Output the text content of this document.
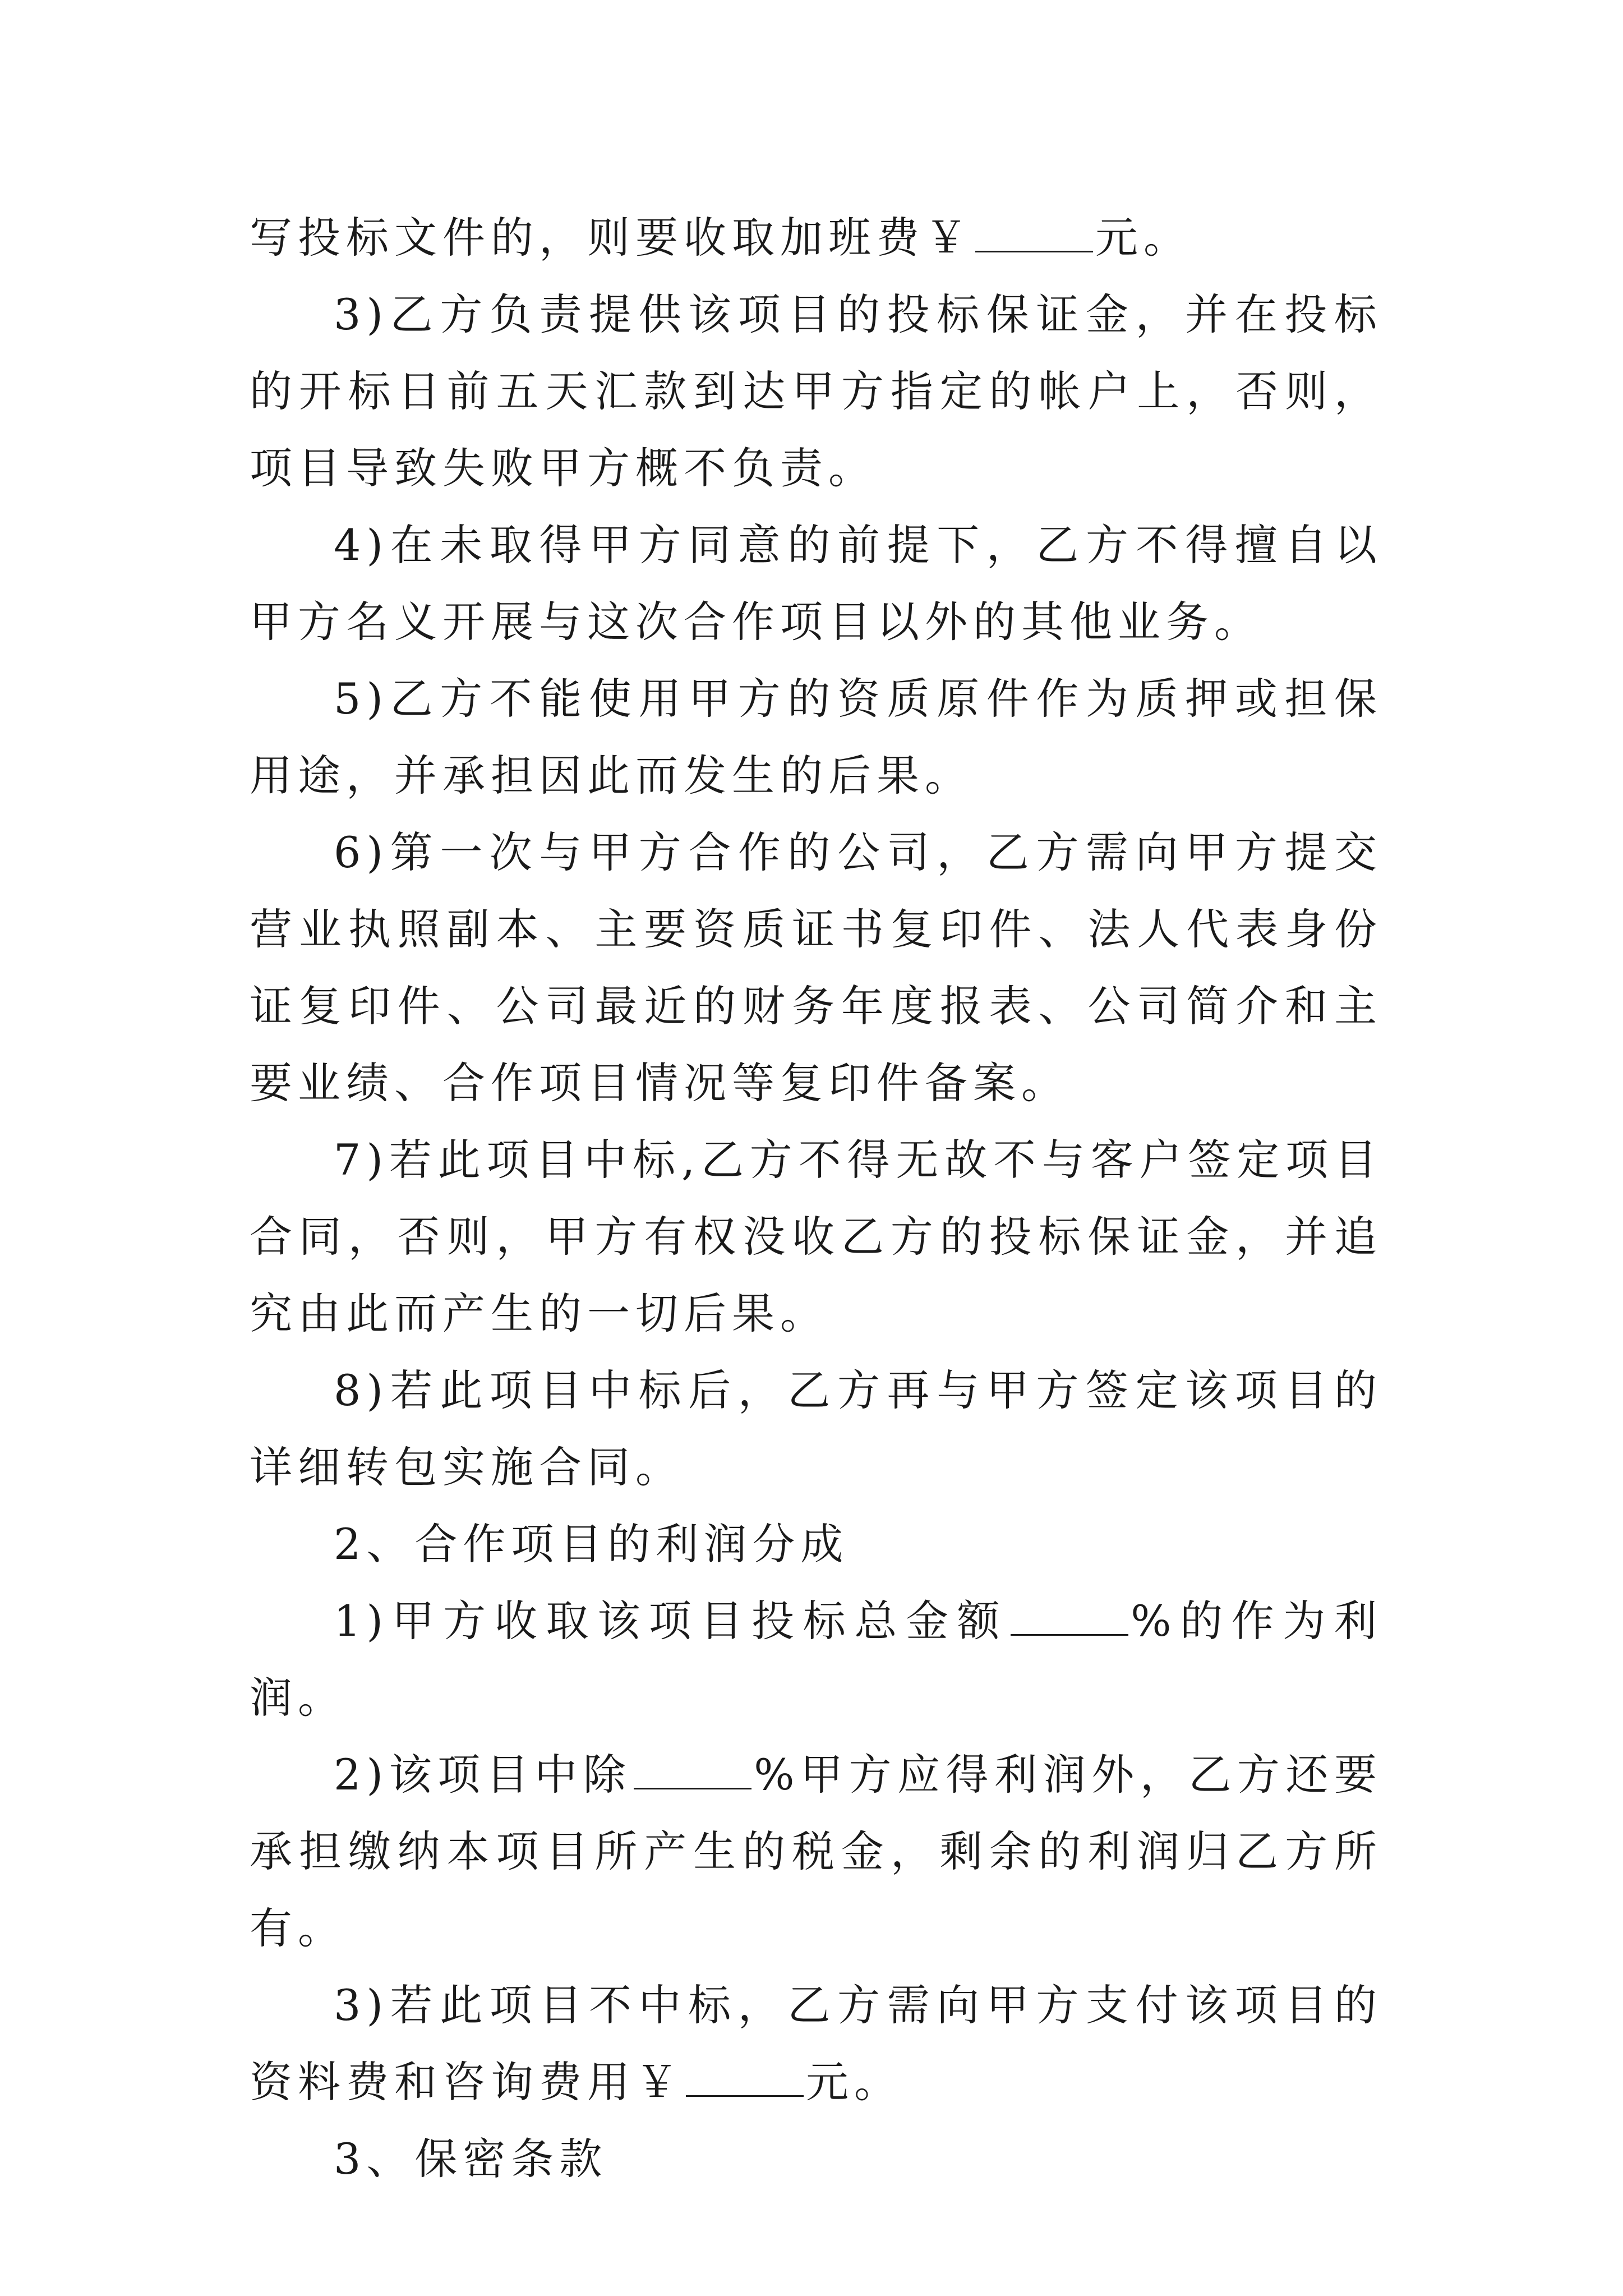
写投标文件的，则要收取加班费￥	元。

3)乙方负责提供该项目的投标保证金，并在投标的开标日前五天汇款到达甲方指定的帐户上，否则，项目导致失败甲方概不负责。

4)在未取得甲方同意的前提下，乙方不得擅自以甲方名义开展与这次合作项目以外的其他业务。

5)乙方不能使用甲方的资质原件作为质押或担保用途，并承担因此而发生的后果。

6)第一次与甲方合作的公司，乙方需向甲方提交营业执照副本、主要资质证书复印件、法人代表身份证复印件、公司最近的财务年度报表、公司简介和主要业绩、合作项目情况等复印件备案。

7)若此项目中标,乙方不得无故不与客户签定项目合同，否则，甲方有权没收乙方的投标保证金，并追究由此而产生的一切后果。

8)若此项目中标后，乙方再与甲方签定该项目的详细转包实施合同。

2、合作项目的利润分成

1)甲方收取该项目投标总金额	%的作为利润。

2)该项目中除	%甲方应得利润外，乙方还要承担缴纳本项目所产生的税金，剩余的利润归乙方所有。

3)若此项目不中标，乙方需向甲方支付该项目的资料费和咨询费用￥	元。

3、保密条款
